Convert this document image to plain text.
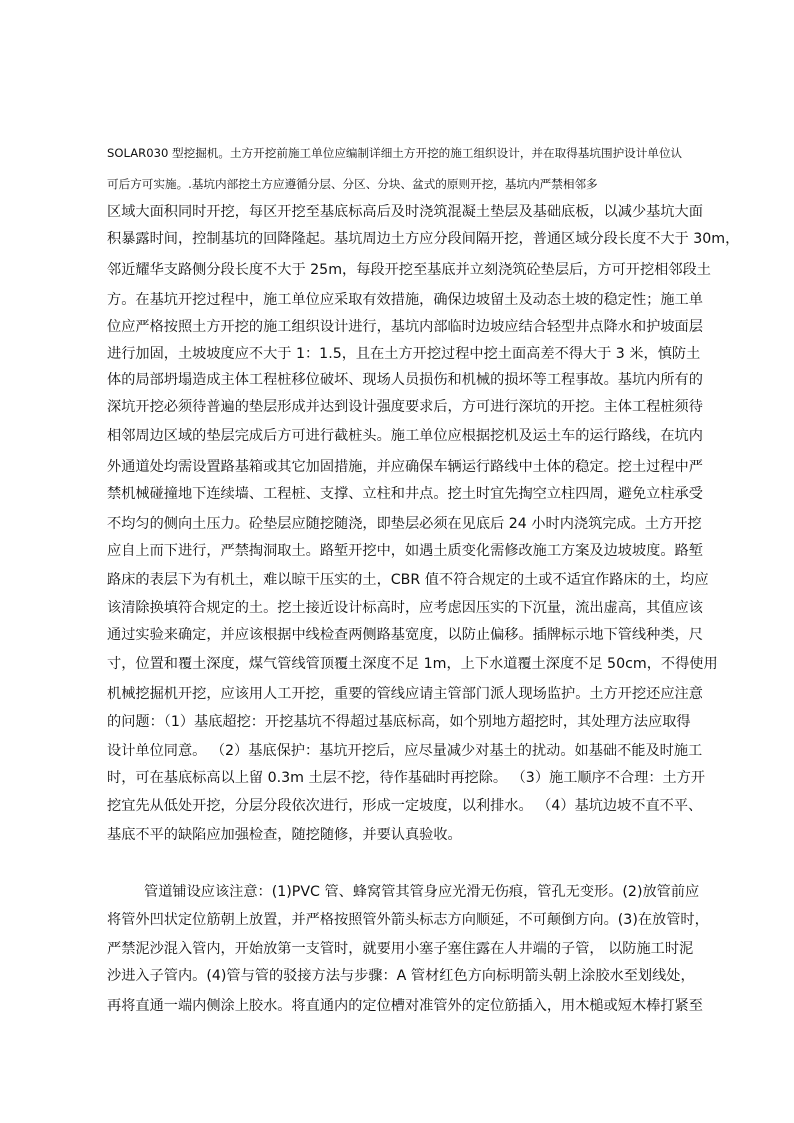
SOLAR030 型挖掘机。土方开挖前施工单位应编制详细土方开挖的施工组织设计，并在取得基坑围护设计单位认
可后方可实施。.基坑内部挖土方应遵循分层、分区、分块、盆式的原则开挖，基坑内严禁相邻多
区域大面积同时开挖，每区开挖至基底标高后及时浇筑混凝土垫层及基础底板，以减少基坑大面
积暴露时间，控制基坑的回降隆起。基坑周边土方应分段间隔开挖，普通区域分段长度不大于 30m，
邻近耀华支路侧分段长度不大于 25m，每段开挖至基底并立刻浇筑砼垫层后，方可开挖相邻段土
方。在基坑开挖过程中，施工单位应采取有效措施，确保边坡留土及动态土坡的稳定性；施工单
位应严格按照土方开挖的施工组织设计进行，基坑内部临时边坡应结合轻型井点降水和护坡面层
进行加固，土坡坡度应不大于 1：1.5，且在土方开挖过程中挖土面高差不得大于 3 米，慎防土
体的局部坍塌造成主体工程桩移位破坏、现场人员损伤和机械的损坏等工程事故。基坑内所有的
深坑开挖必须待普遍的垫层形成并达到设计强度要求后，方可进行深坑的开挖。主体工程桩须待
相邻周边区域的垫层完成后方可进行截桩头。施工单位应根据挖机及运土车的运行路线，在坑内
外通道处均需设置路基箱或其它加固措施，并应确保车辆运行路线中土体的稳定。挖土过程中严
禁机械碰撞地下连续墙、工程桩、支撑、立柱和井点。挖土时宜先掏空立柱四周，避免立柱承受
不均匀的侧向土压力。砼垫层应随挖随浇，即垫层必须在见底后 24 小时内浇筑完成。土方开挖
应自上而下进行，严禁掏洞取土。路堑开挖中，如遇土质变化需修改施工方案及边坡坡度。路堑
路床的表层下为有机土，难以晾干压实的土，CBR 值不符合规定的土或不适宜作路床的土，均应
该清除换填符合规定的土。挖土接近设计标高时，应考虑因压实的下沉量，流出虚高，其值应该
通过实验来确定，并应该根据中线检查两侧路基宽度，以防止偏移。插牌标示地下管线种类，尺
寸，位置和覆土深度，煤气管线管顶覆土深度不足 1m，上下水道覆土深度不足 50cm，不得使用
机械挖掘机开挖，应该用人工开挖，重要的管线应请主管部门派人现场监护。土方开挖还应注意
的问题：（1）基底超挖：开挖基坑不得超过基底标高，如个别地方超挖时，其处理方法应取得
设计单位同意。 （2）基底保护：基坑开挖后，应尽量减少对基土的扰动。如基础不能及时施工
时，可在基底标高以上留 0.3m 土层不挖，待作基础时再挖除。 （3）施工顺序不合理：土方开
挖宜先从低处开挖，分层分段依次进行，形成一定坡度，以利排水。 （4）基坑边坡不直不平、
基底不平的缺陷应加强检查，随挖随修，并要认真验收。
管道铺设应该注意：(1)PVC 管、蜂窝管其管身应光滑无伤痕，管孔无变形。(2)放管前应
将管外凹状定位筋朝上放置，并严格按照管外箭头标志方向顺延，不可颠倒方向。(3)在放管时，
严禁泥沙混入管内，开始放第一支管时，就要用小塞子塞住露在人井端的子管， 以防施工时泥
沙进入子管内。(4)管与管的驳接方法与步骤：A 管材红色方向标明箭头朝上涂胶水至划线处，
再将直通一端内侧涂上胶水。将直通内的定位槽对准管外的定位筋插入，用木槌或短木棒打紧至
